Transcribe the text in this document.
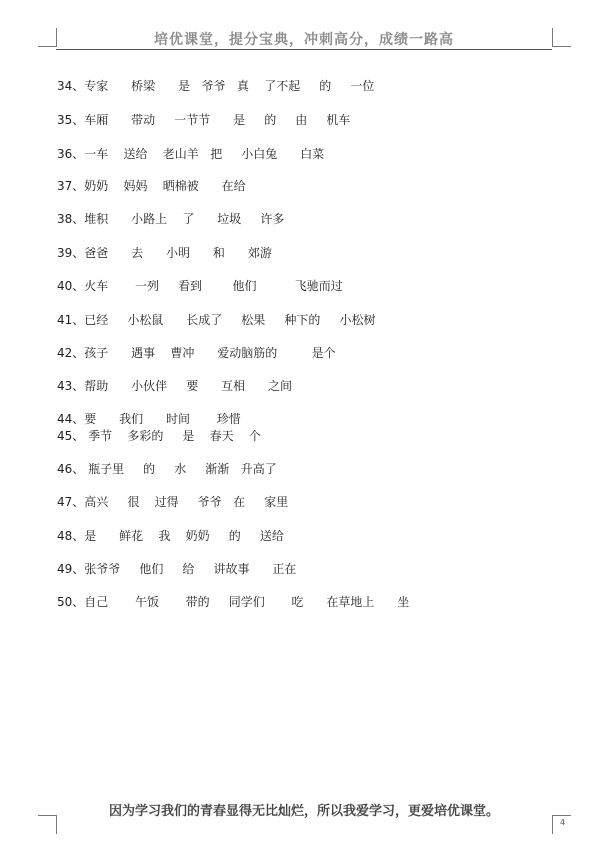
培优课堂，提分宝典，冲刺高分，成绩一路高
34、专家      桥梁      是   爷爷   真    了不起     的     一位
35、车厢      带动     一节节      是     的     由     机车
36、一车    送给    老山羊   把     小白兔      白菜
37、奶奶    妈妈    晒棉被      在给
38、堆积      小路上    了      垃圾     许多
39、爸爸      去      小明      和      郊游
40、火车       一列     看到        他们          飞驰而过
41、已经     小松鼠      长成了     松果     种下的     小松树
42、孩子      遇事    曹冲      爱动脑筋的         是个
43、帮助      小伙伴     要      互相      之间
44、要      我们      时间       珍惜
45、 季节    多彩的     是    春天    个
46、 瓶子里     的     水     渐渐   升高了
47、高兴     很    过得     爷爷   在     家里
48、是      鲜花    我    奶奶     的     送给
49、张爷爷     他们     给     讲故事      正在
50、自己       午饭       带的     同学们       吃      在草地上      坐
因为学习我们的青春显得无比灿烂，所以我爱学习，更爱培优课堂。
4
